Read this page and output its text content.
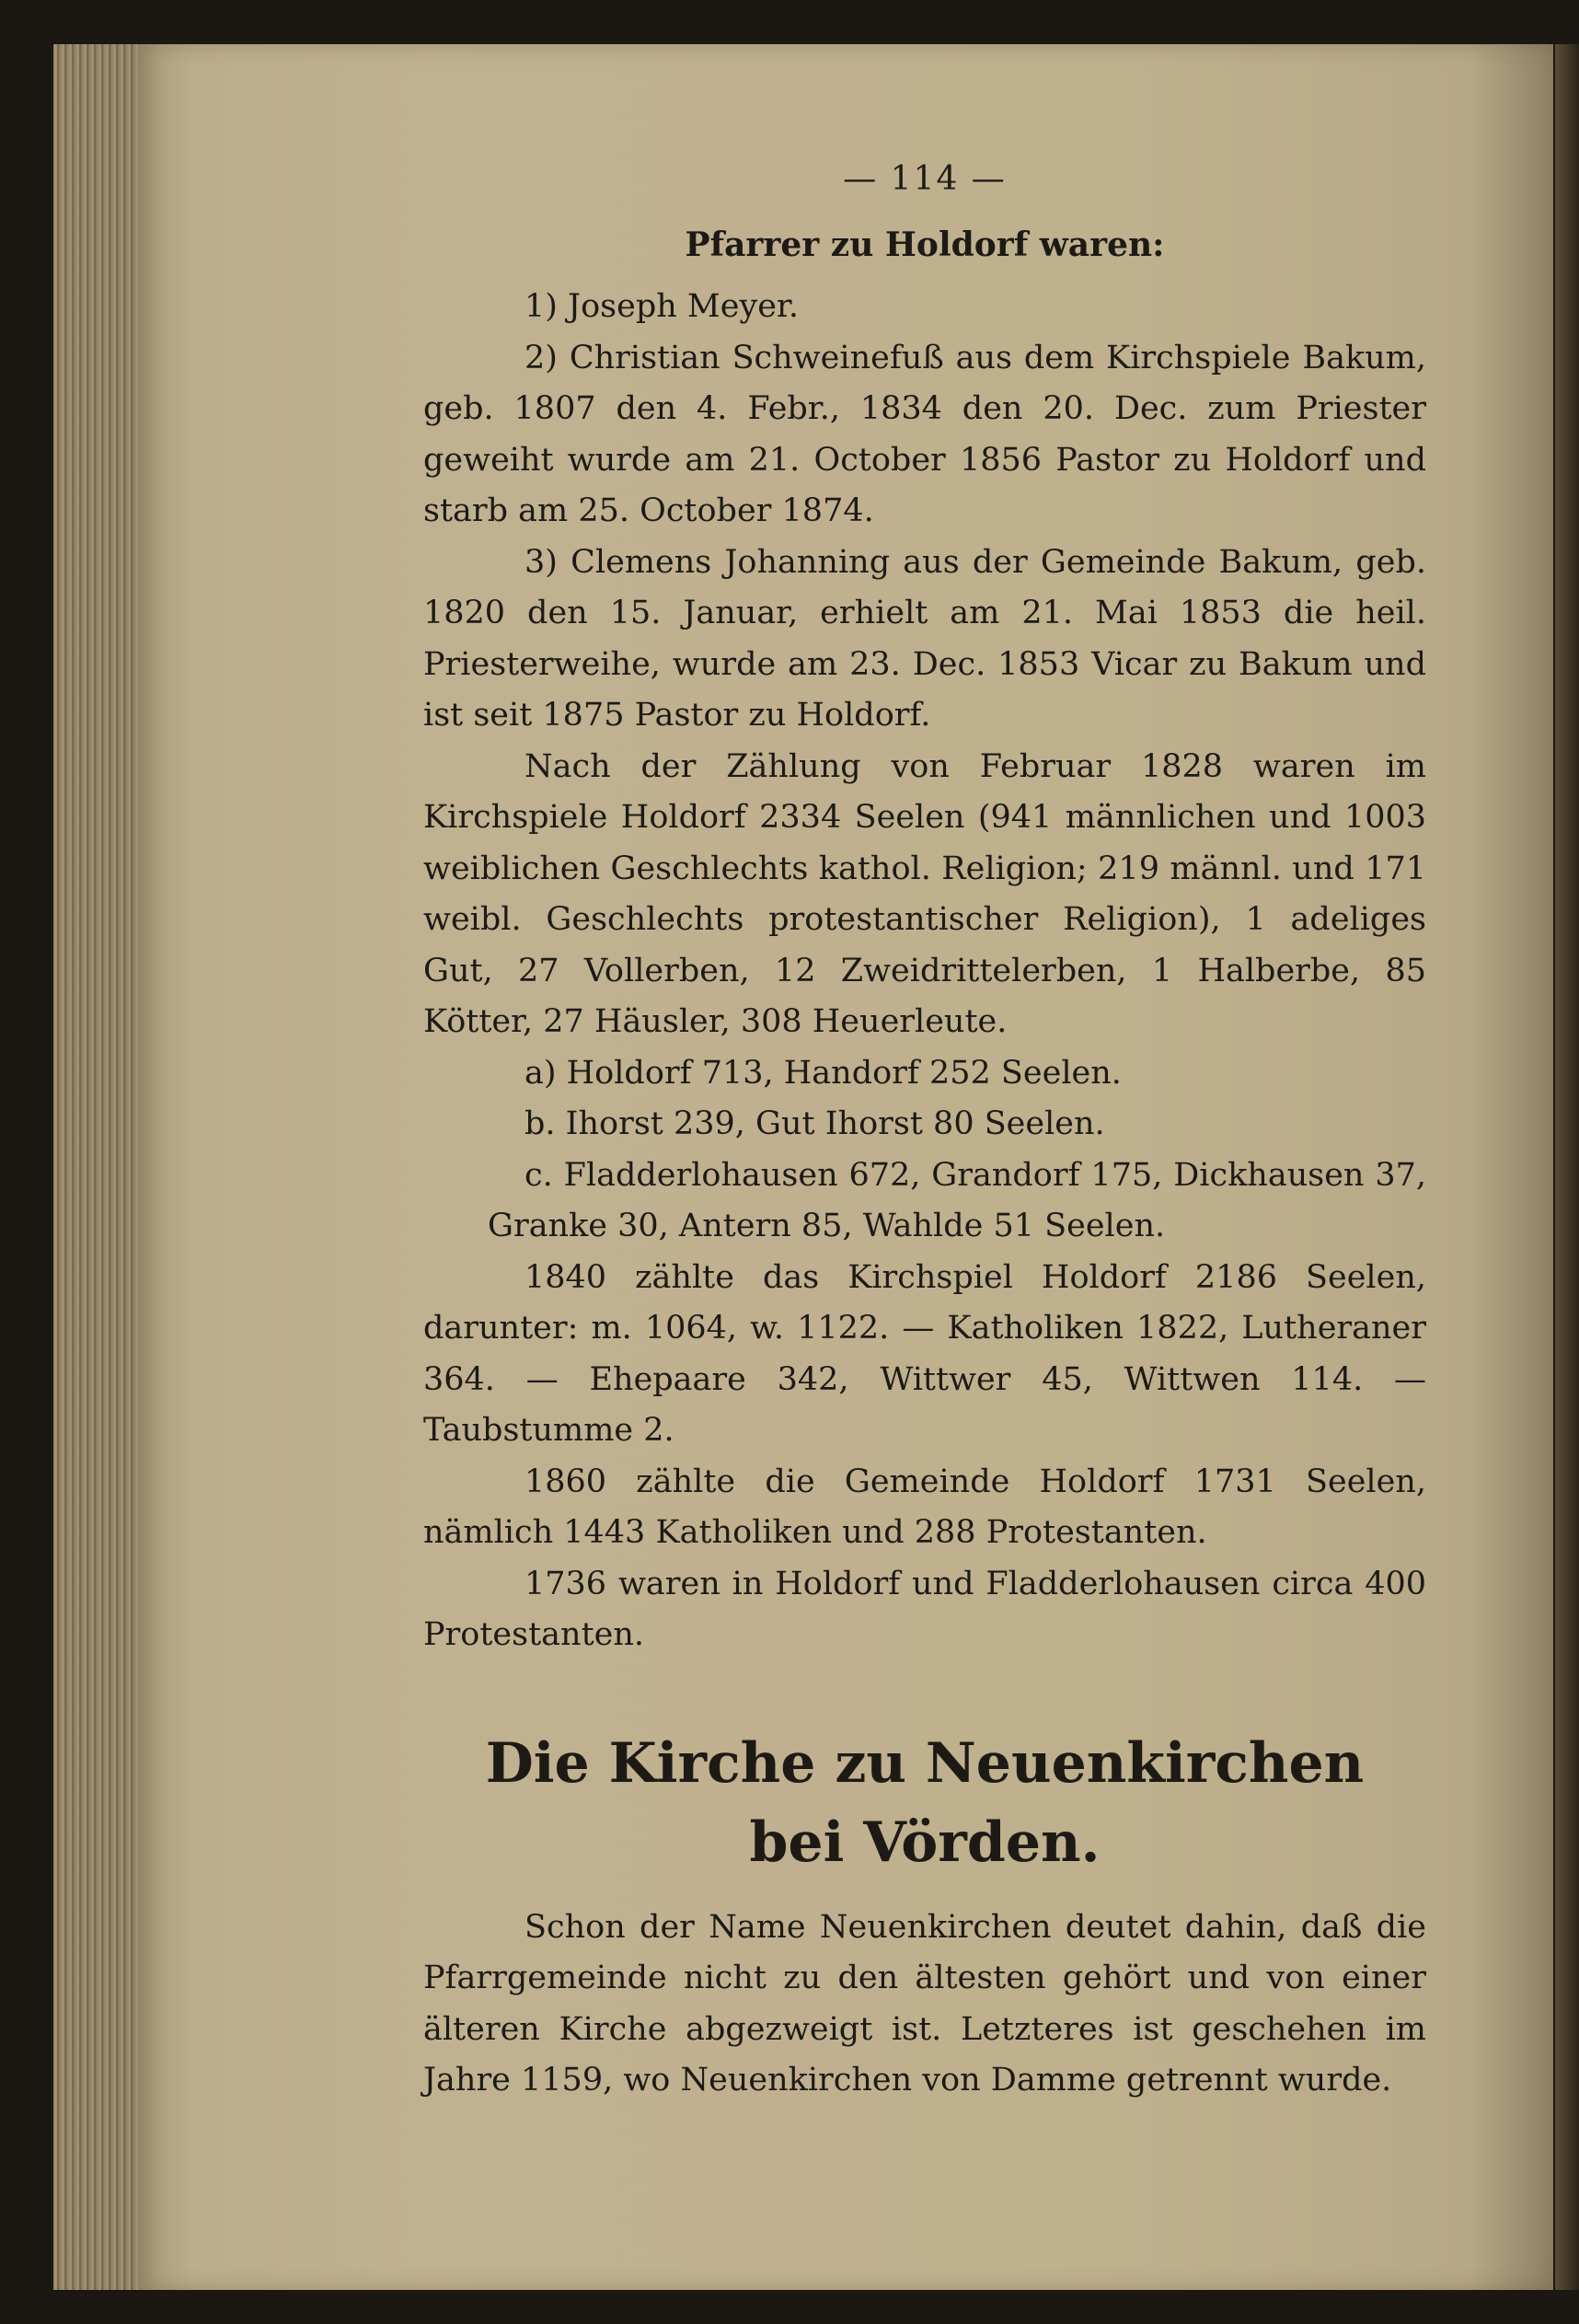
— 114 —
Pfarrer zu Holdorf waren:
1) Joseph Meyer.
2) Christian Schweinefuß aus dem Kirchspiele Bakum, geb. 1807 den 4. Febr., 1834 den 20. Dec. zum Priester geweiht wurde am 21. October 1856 Pastor zu Holdorf und starb am 25. October 1874.
3) Clemens Johanning aus der Gemeinde Bakum, geb. 1820 den 15. Januar, erhielt am 21. Mai 1853 die heil. Priesterweihe, wurde am 23. Dec. 1853 Vicar zu Bakum und ist seit 1875 Pastor zu Holdorf.
Nach der Zählung von Februar 1828 waren im Kirchspiele Holdorf 2334 Seelen (941 männlichen und 1003 weiblichen Geschlechts kathol. Religion; 219 männl. und 171 weibl. Geschlechts protestantischer Religion), 1 adeliges Gut, 27 Vollerben, 12 Zweidrittelerben, 1 Halberbe, 85 Kötter, 27 Häusler, 308 Heuerleute.
a) Holdorf 713, Handorf 252 Seelen.
b. Ihorst 239, Gut Ihorst 80 Seelen.
c. Fladderlohausen 672, Grandorf 175, Dickhausen 37, Granke 30, Antern 85, Wahlde 51 Seelen.
1840 zählte das Kirchspiel Holdorf 2186 Seelen, darunter: m. 1064, w. 1122. — Katholiken 1822, Lutheraner 364. — Ehepaare 342, Wittwer 45, Wittwen 114. — Taubstumme 2.
1860 zählte die Gemeinde Holdorf 1731 Seelen, nämlich 1443 Katholiken und 288 Protestanten.
1736 waren in Holdorf und Fladderlohausen circa 400 Protestanten.
Die Kirche zu Neuenkirchen
bei Vörden.
Schon der Name Neuenkirchen deutet dahin, daß die Pfarrgemeinde nicht zu den ältesten gehört und von einer älteren Kirche abgezweigt ist. Letzteres ist geschehen im Jahre 1159, wo Neuenkirchen von Damme getrennt wurde.
